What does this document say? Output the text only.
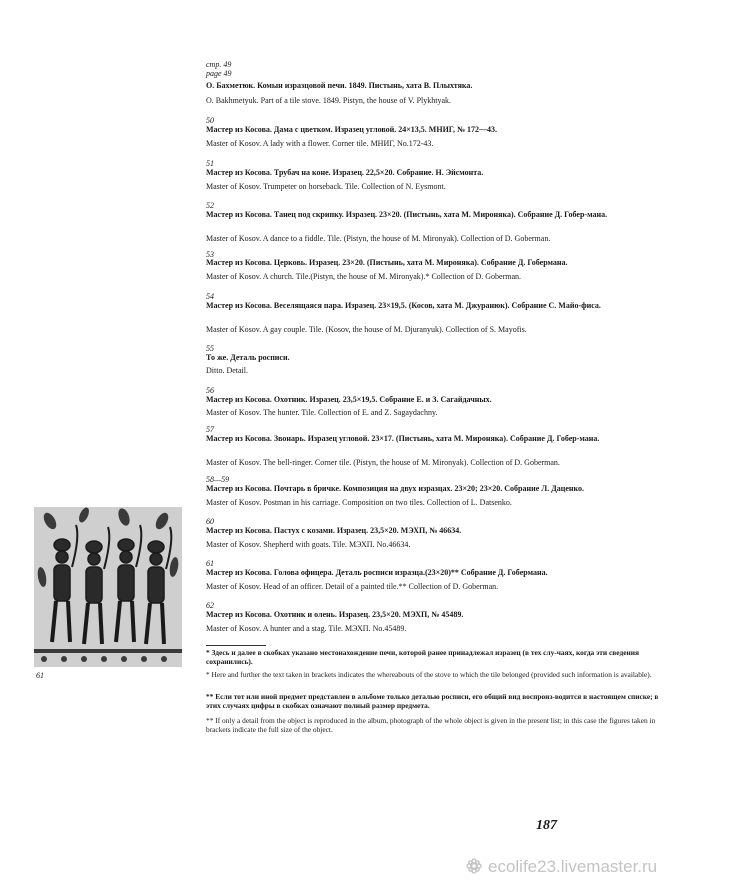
стр. 49
page 49
О. Бахметюк. Комын изразцовой печи. 1849. Пистынь, хата В. Плыхтяка.
O. Bakhmetyuk. Part of a tile stove. 1849. Pistyn, the house of V. Plykhtyak.
50
Мастер из Косова. Дама с цветком. Изразец угловой. 24×13,5. МНИГ, № 172—43.
Master of Kosov. A lady with a flower. Corner tile. МНИГ, No.172-43.
51
Мастер из Косова. Трубач на коне. Изразец. 22,5×20. Собрание. Н. Эйсмонта.
Master of Kosov. Trumpeter on horseback. Tile. Collection of N. Eysmont.
52
Мастер из Косова. Танец под скрипку. Изразец. 23×20. (Пистынь, хата М. Мироняка). Собрание Д. Гобер-мана.
Master of Kosov. A dance to a fiddle. Tile. (Pistyn, the house of M. Mironyak). Collection of D. Goberman.
53
Мастер из Косова. Церковь. Изразец. 23×20. (Пистынь, хата М. Мироняка). Собрание Д. Гобермана.
Master of Kosov. A church. Tile.(Pistyn, the house of M. Mironyak).* Collection of D. Goberman.
54
Мастер из Косова. Веселящаяся пара. Изразец. 23×19,5. (Косов, хата М. Джуранюк). Собрание С. Майо-фиса.
Master of Kosov. A gay couple. Tile. (Kosov, the house of M. Djuranyuk). Collection of S. Mayofis.
55
То же. Деталь росписи.
Ditto. Detail.
56
Мастер из Косова. Охотник. Изразец. 23,5×19,5. Собрание Е. и З. Сагайдачных.
Master of Kosov. The hunter. Tile. Collection of E. and Z. Sagaydachny.
57
Мастер из Косова. Звонарь. Изразец угловой. 23×17. (Пистынь, хата М. Мироняка). Собрание Д. Гобер-мана.
Master of Kosov. The bell-ringer. Corner tile. (Pistyn, the house of M. Mironyak). Collection of D. Goberman.
58—59
Мастер из Косова. Почтарь в бричке. Композиция на двух изразцах. 23×20; 23×20. Собрание Л. Даценко.
Master of Kosov. Postman in his carriage. Composition on two tiles. Collection of L. Datsenko.
60
Мастер из Косова. Пастух с козами. Изразец. 23,5×20. МЭХП, № 46634.
Master of Kosov. Shepherd with goats. Tile. МЭХП. No.46634.
61
Мастер из Косова. Голова офицера. Деталь росписи изразца.(23×20)** Собрание Д. Гобермана.
Master of Kosov. Head of an officer. Detail of a painted tile.** Collection of D. Goberman.
62
Мастер из Косова. Охотник и олень. Изразец. 23,5×20. МЭХП, № 45489.
Master of Kosov. A hunter and a stag. Tile. МЭХП. No.45489.
* Здесь и далее в скобках указано местонахождение печи, которой ранее принадлежал изразец (в тех слу-чаях, когда эти сведения сохранились).
* Here and further the text taken in brackets indicates the whereabouts of the stove to which the tile belonged (provided such information is available).
** Если тот или иной предмет представлен в альбоме только деталью росписи, его общий вид воспроиз-водится в настоящем списке; в этих случаях цифры в скобках означают полный размер предмета.
** If only a detail from the object is reproduced in the album, photograph of the whole object is given in the present list; in this case the figures taken in brackets indicate the full size of the object.
61
187
ecolife23.livemaster.ru
